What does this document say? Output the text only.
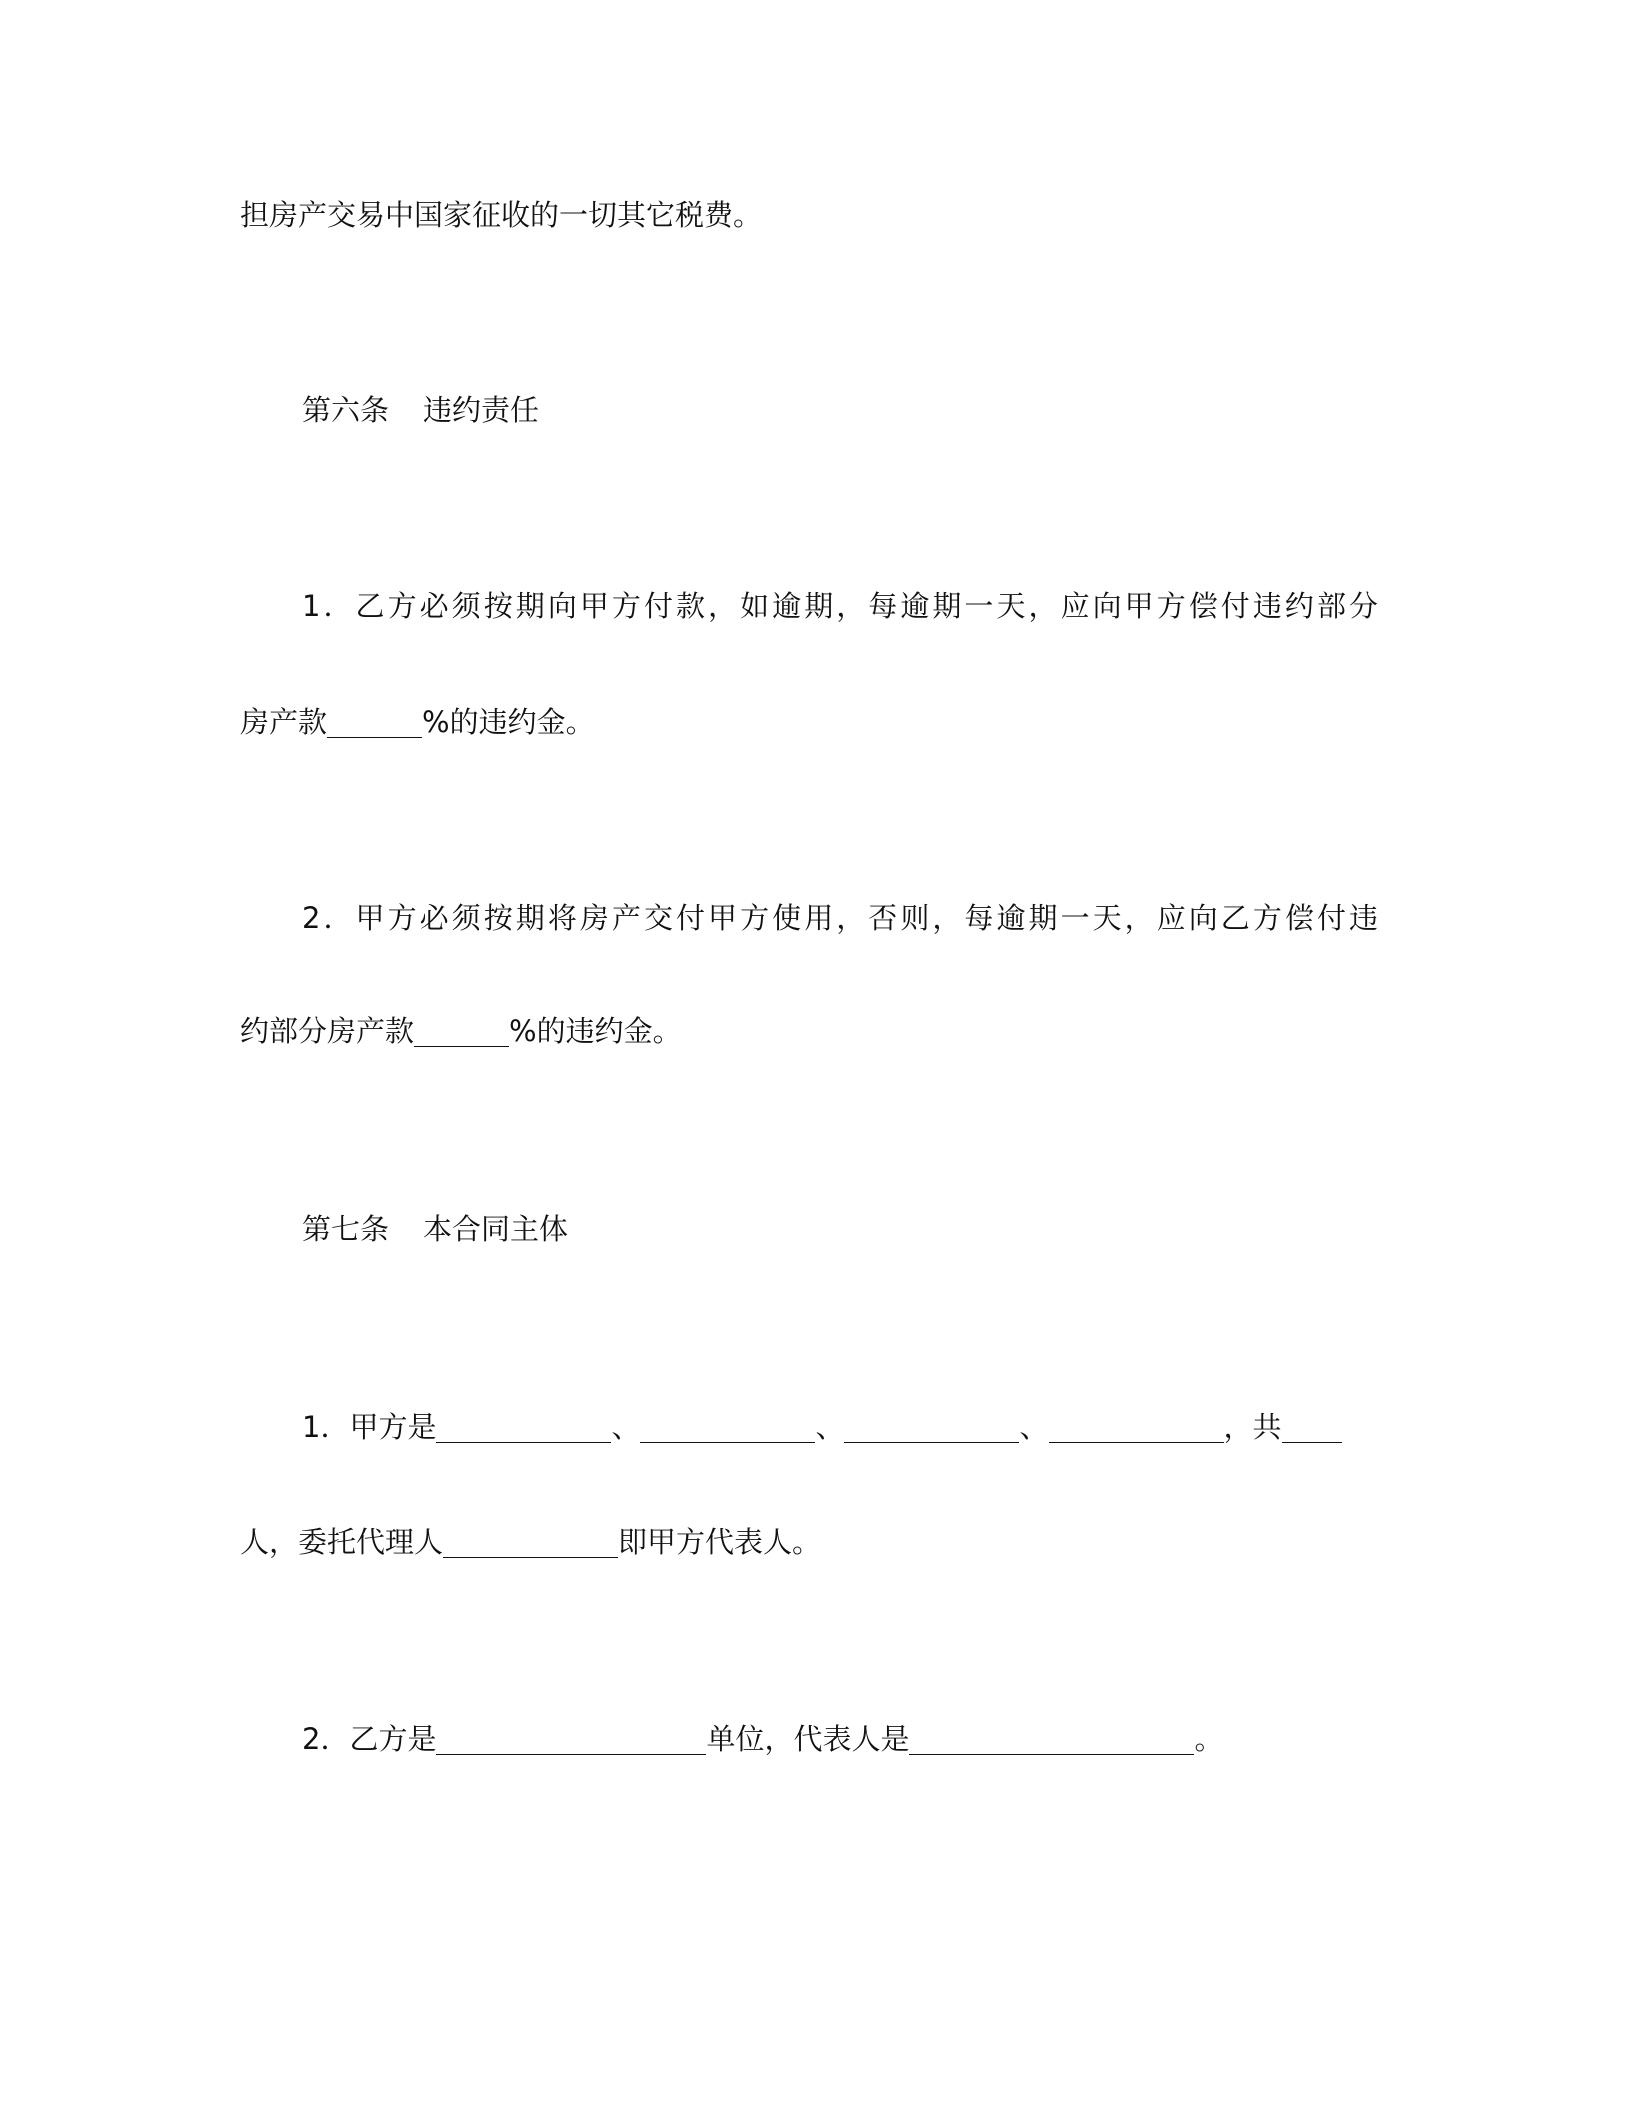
担房产交易中国家征收的一切其它税费。
第六条 违约责任
1．乙方必须按期向甲方付款，如逾期，每逾期一天，应向甲方偿付违约部分
房产款	%的违约金。
2．甲方必须按期将房产交付甲方使用，否则，每逾期一天，应向乙方偿付违
约部分房产款	%的违约金。
第七条 本合同主体
1．甲方是	、	、	、	，共
人，委托代理人	即甲方代表人。
2．乙方是	单位，代表人是	。
